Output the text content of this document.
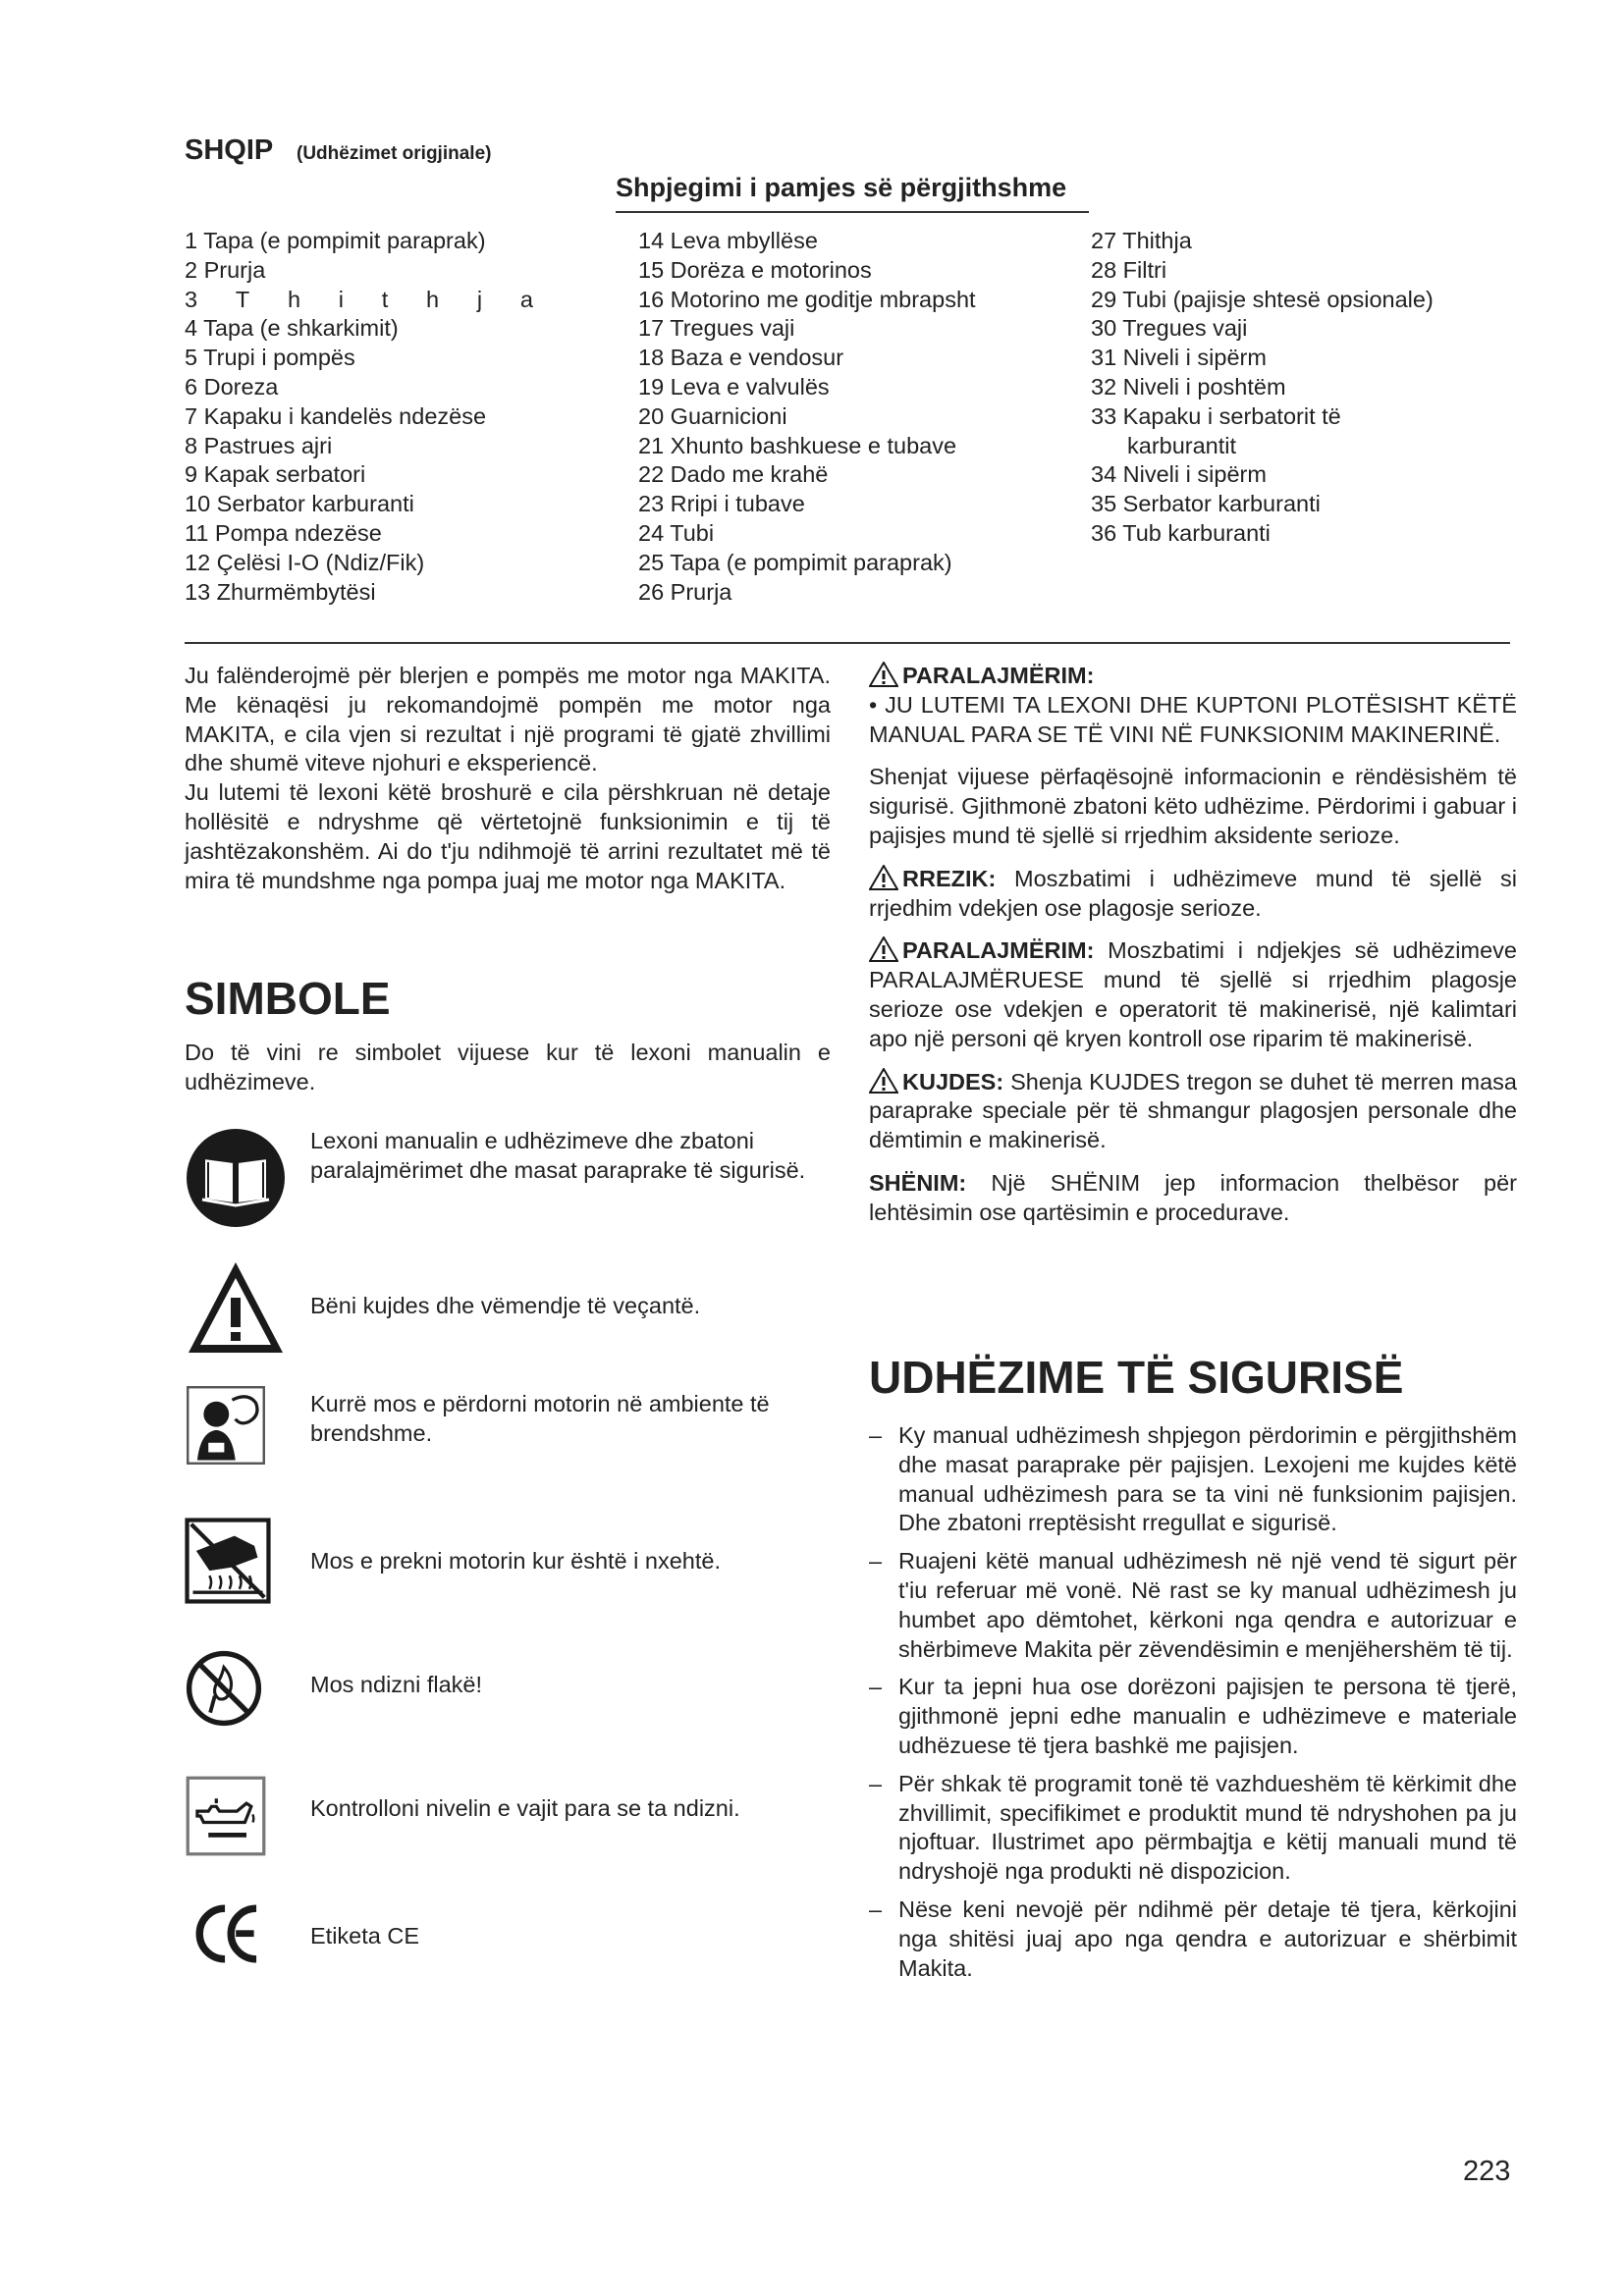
SHQIP (Udhëzimet origjinale)
Shpjegimi i pamjes së përgjithshme
1 Tapa (e pompimit paraprak)
2 Prurja
3 T h i t h j a
4 Tapa (e shkarkimit)
5 Trupi i pompës
6 Doreza
7 Kapaku i kandelës ndezëse
8 Pastrues ajri
9 Kapak serbatori
10 Serbator karburanti
11 Pompa ndezëse
12 Çelësi I-O (Ndiz/Fik)
13 Zhurmëmbytësi
14 Leva mbyllëse
15 Dorëza e motorinos
16 Motorino me goditje mbrapsht
17 Tregues vaji
18 Baza e vendosur
19 Leva e valvulës
20 Guarnicioni
21 Xhunto bashkuese e tubave
22 Dado me krahë
23 Rripi i tubave
24 Tubi
25 Tapa (e pompimit paraprak)
26 Prurja
27 Thithja
28 Filtri
29 Tubi (pajisje shtesë opsionale)
30 Tregues vaji
31 Niveli i sipërm
32 Niveli i poshtëm
33 Kapaku i serbatorit të
karburantit
34 Niveli i sipërm
35 Serbator karburanti
36 Tub karburanti

Ju falënderojmë për blerjen e pompës me motor nga MAKITA. Me kënaqësi ju rekomandojmë pompën me motor nga MAKITA, e cila vjen si rezultat i një programi të gjatë zhvillimi dhe shumë viteve njohuri e eksperiencë.

Ju lutemi të lexoni këtë broshurë e cila përshkruan në detaje hollësitë e ndryshme që vërtetojnë funksionimin e tij të jashtëzakonshëm. Ai do t'ju ndihmojë të arrini rezultatet më të mira të mundshme nga pompa juaj me motor nga MAKITA.

SIMBOLE

Do të vini re simbolet vijuese kur të lexoni manualin e udhëzimeve.

Lexoni manualin e udhëzimeve dhe zbatoni paralajmërimet dhe masat paraprake të sigurisë.
Bëni kujdes dhe vëmendje të veçantë.
Kurrë mos e përdorni motorin në ambiente të brendshme.
Mos e prekni motorin kur është i nxehtë.
Mos ndizni flakë!
Kontrolloni nivelin e vajit para se ta ndizni.
Etiketa CE
PARALAJMËRIM:

• JU LUTEMI TA LEXONI DHE KUPTONI PLOTËSISHT KËTË MANUAL PARA SE TË VINI NË FUNKSIONIM MAKINERINË.

Shenjat vijuese përfaqësojnë informacionin e rëndësishëm të sigurisë. Gjithmonë zbatoni këto udhëzime. Përdorimi i gabuar i pajisjes mund të sjellë si rrjedhim aksidente serioze.

RREZIK: Moszbatimi i udhëzimeve mund të sjellë si rrjedhim vdekjen ose plagosje serioze.

PARALAJMËRIM: Moszbatimi i ndjekjes së udhëzimeve PARALAJMËRUESE mund të sjellë si rrjedhim plagosje serioze ose vdekjen e operatorit të makinerisë, një kalimtari apo një personi që kryen kontroll ose riparim të makinerisë.

KUJDES: Shenja KUJDES tregon se duhet të merren masa paraprake speciale për të shmangur plagosjen personale dhe dëmtimin e makinerisë.

SHËNIM: Një SHËNIM jep informacion thelbësor për lehtësimin ose qartësimin e procedurave.

UDHËZIME TË SIGURISË
– Ky manual udhëzimesh shpjegon përdorimin e përgjithshëm dhe masat paraprake për pajisjen. Lexojeni me kujdes këtë manual udhëzimesh para se ta vini në funksionim pajisjen. Dhe zbatoni rreptësisht rregullat e sigurisë.
– Ruajeni këtë manual udhëzimesh në një vend të sigurt për t'iu referuar më vonë. Në rast se ky manual udhëzimesh ju humbet apo dëmtohet, kërkoni nga qendra e autorizuar e shërbimeve Makita për zëvendësimin e menjëhershëm të tij.
– Kur ta jepni hua ose dorëzoni pajisjen te persona të tjerë, gjithmonë jepni edhe manualin e udhëzimeve e materiale udhëzuese të tjera bashkë me pajisjen.
– Për shkak të programit tonë të vazhdueshëm të kërkimit dhe zhvillimit, specifikimet e produktit mund të ndryshohen pa ju njoftuar. Ilustrimet apo përmbajtja e këtij manuali mund të ndryshojë nga produkti në dispozicion.
– Nëse keni nevojë për ndihmë për detaje të tjera, kërkojini nga shitësi juaj apo nga qendra e autorizuar e shërbimit Makita.
223
